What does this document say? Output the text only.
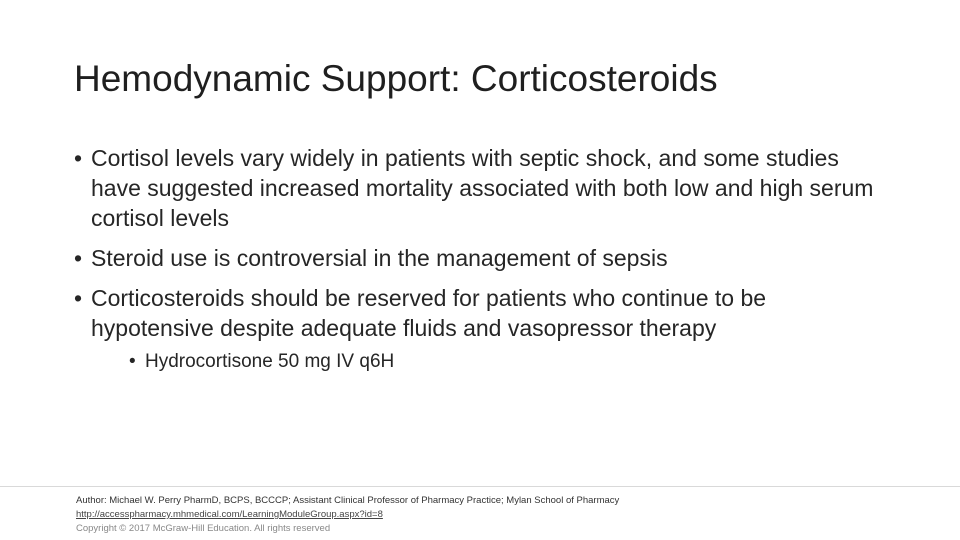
Hemodynamic Support: Corticosteroids
• Cortisol levels vary widely in patients with septic shock, and some studies have suggested increased mortality associated with both low and high serum cortisol levels
• Steroid use is controversial in the management of sepsis
• Corticosteroids should be reserved for patients who continue to be hypotensive despite adequate fluids and vasopressor therapy
• Hydrocortisone 50 mg IV q6H
Author: Michael W. Perry PharmD, BCPS, BCCCP; Assistant Clinical Professor of Pharmacy Practice; Mylan School of Pharmacy
http://accesspharmacy.mhmedical.com/LearningModuleGroup.aspx?id=8
Copyright © 2017 McGraw-Hill Education. All rights reserved
